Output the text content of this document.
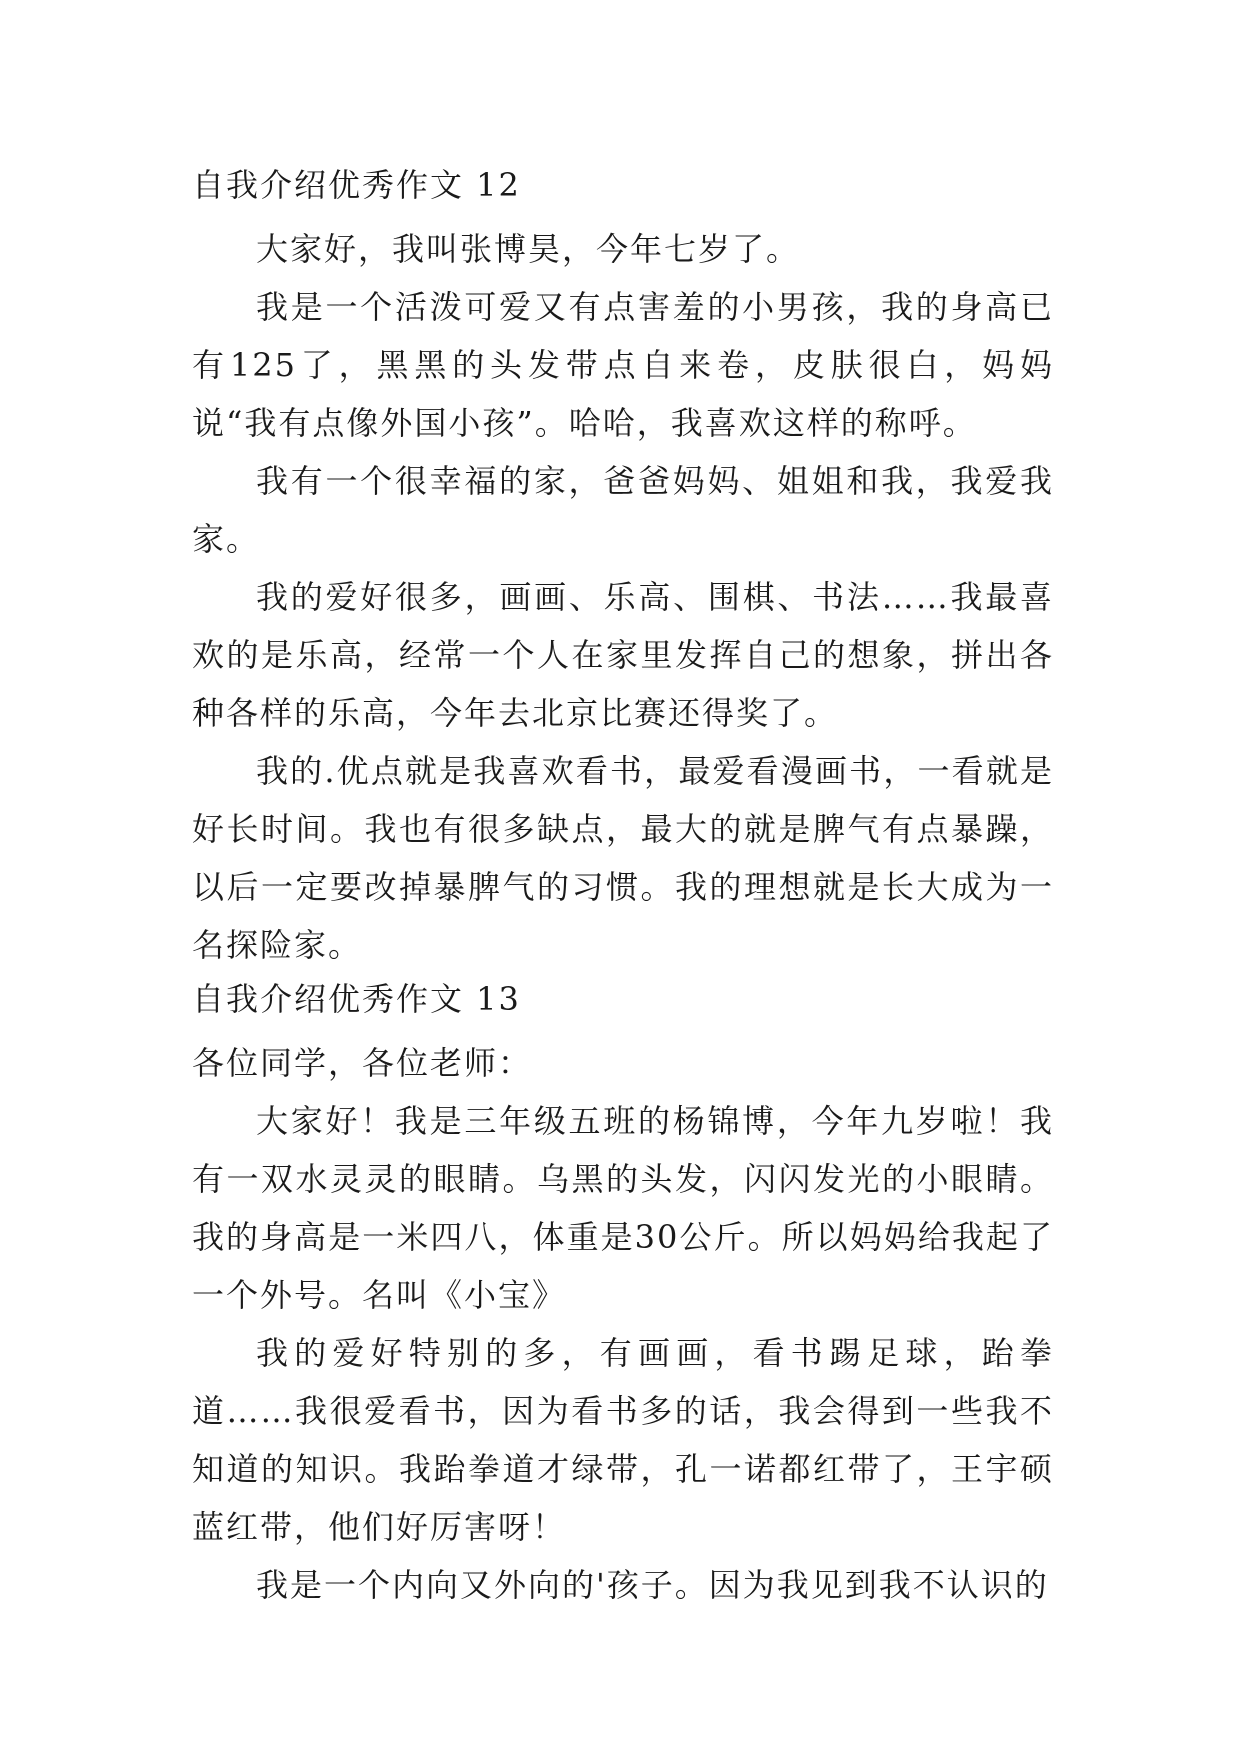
自我介绍优秀作文 12

大家好，我叫张博昊，今年七岁了。

我是一个活泼可爱又有点害羞的小男孩，我的身高已有125了，黑黑的头发带点自来卷，皮肤很白，妈妈说“我有点像外国小孩”。哈哈，我喜欢这样的称呼。

我有一个很幸福的家，爸爸妈妈、姐姐和我，我爱我家。

我的爱好很多，画画、乐高、围棋、书法……我最喜欢的是乐高，经常一个人在家里发挥自己的想象，拼出各种各样的乐高，今年去北京比赛还得奖了。

我的.优点就是我喜欢看书，最爱看漫画书，一看就是好长时间。我也有很多缺点，最大的就是脾气有点暴躁，以后一定要改掉暴脾气的习惯。我的理想就是长大成为一名探险家。

自我介绍优秀作文 13

各位同学，各位老师：

大家好！我是三年级五班的杨锦博，今年九岁啦！我有一双水灵灵的眼睛。乌黑的头发，闪闪发光的小眼睛。我的身高是一米四八，体重是30公斤。所以妈妈给我起了一个外号。名叫《小宝》

我的爱好特别的多，有画画，看书踢足球，跆拳道……我很爱看书，因为看书多的话，我会得到一些我不知道的知识。我跆拳道才绿带，孔一诺都红带了，王宇硕蓝红带，他们好厉害呀！

我是一个内向又外向的'孩子。因为我见到我不认识的
